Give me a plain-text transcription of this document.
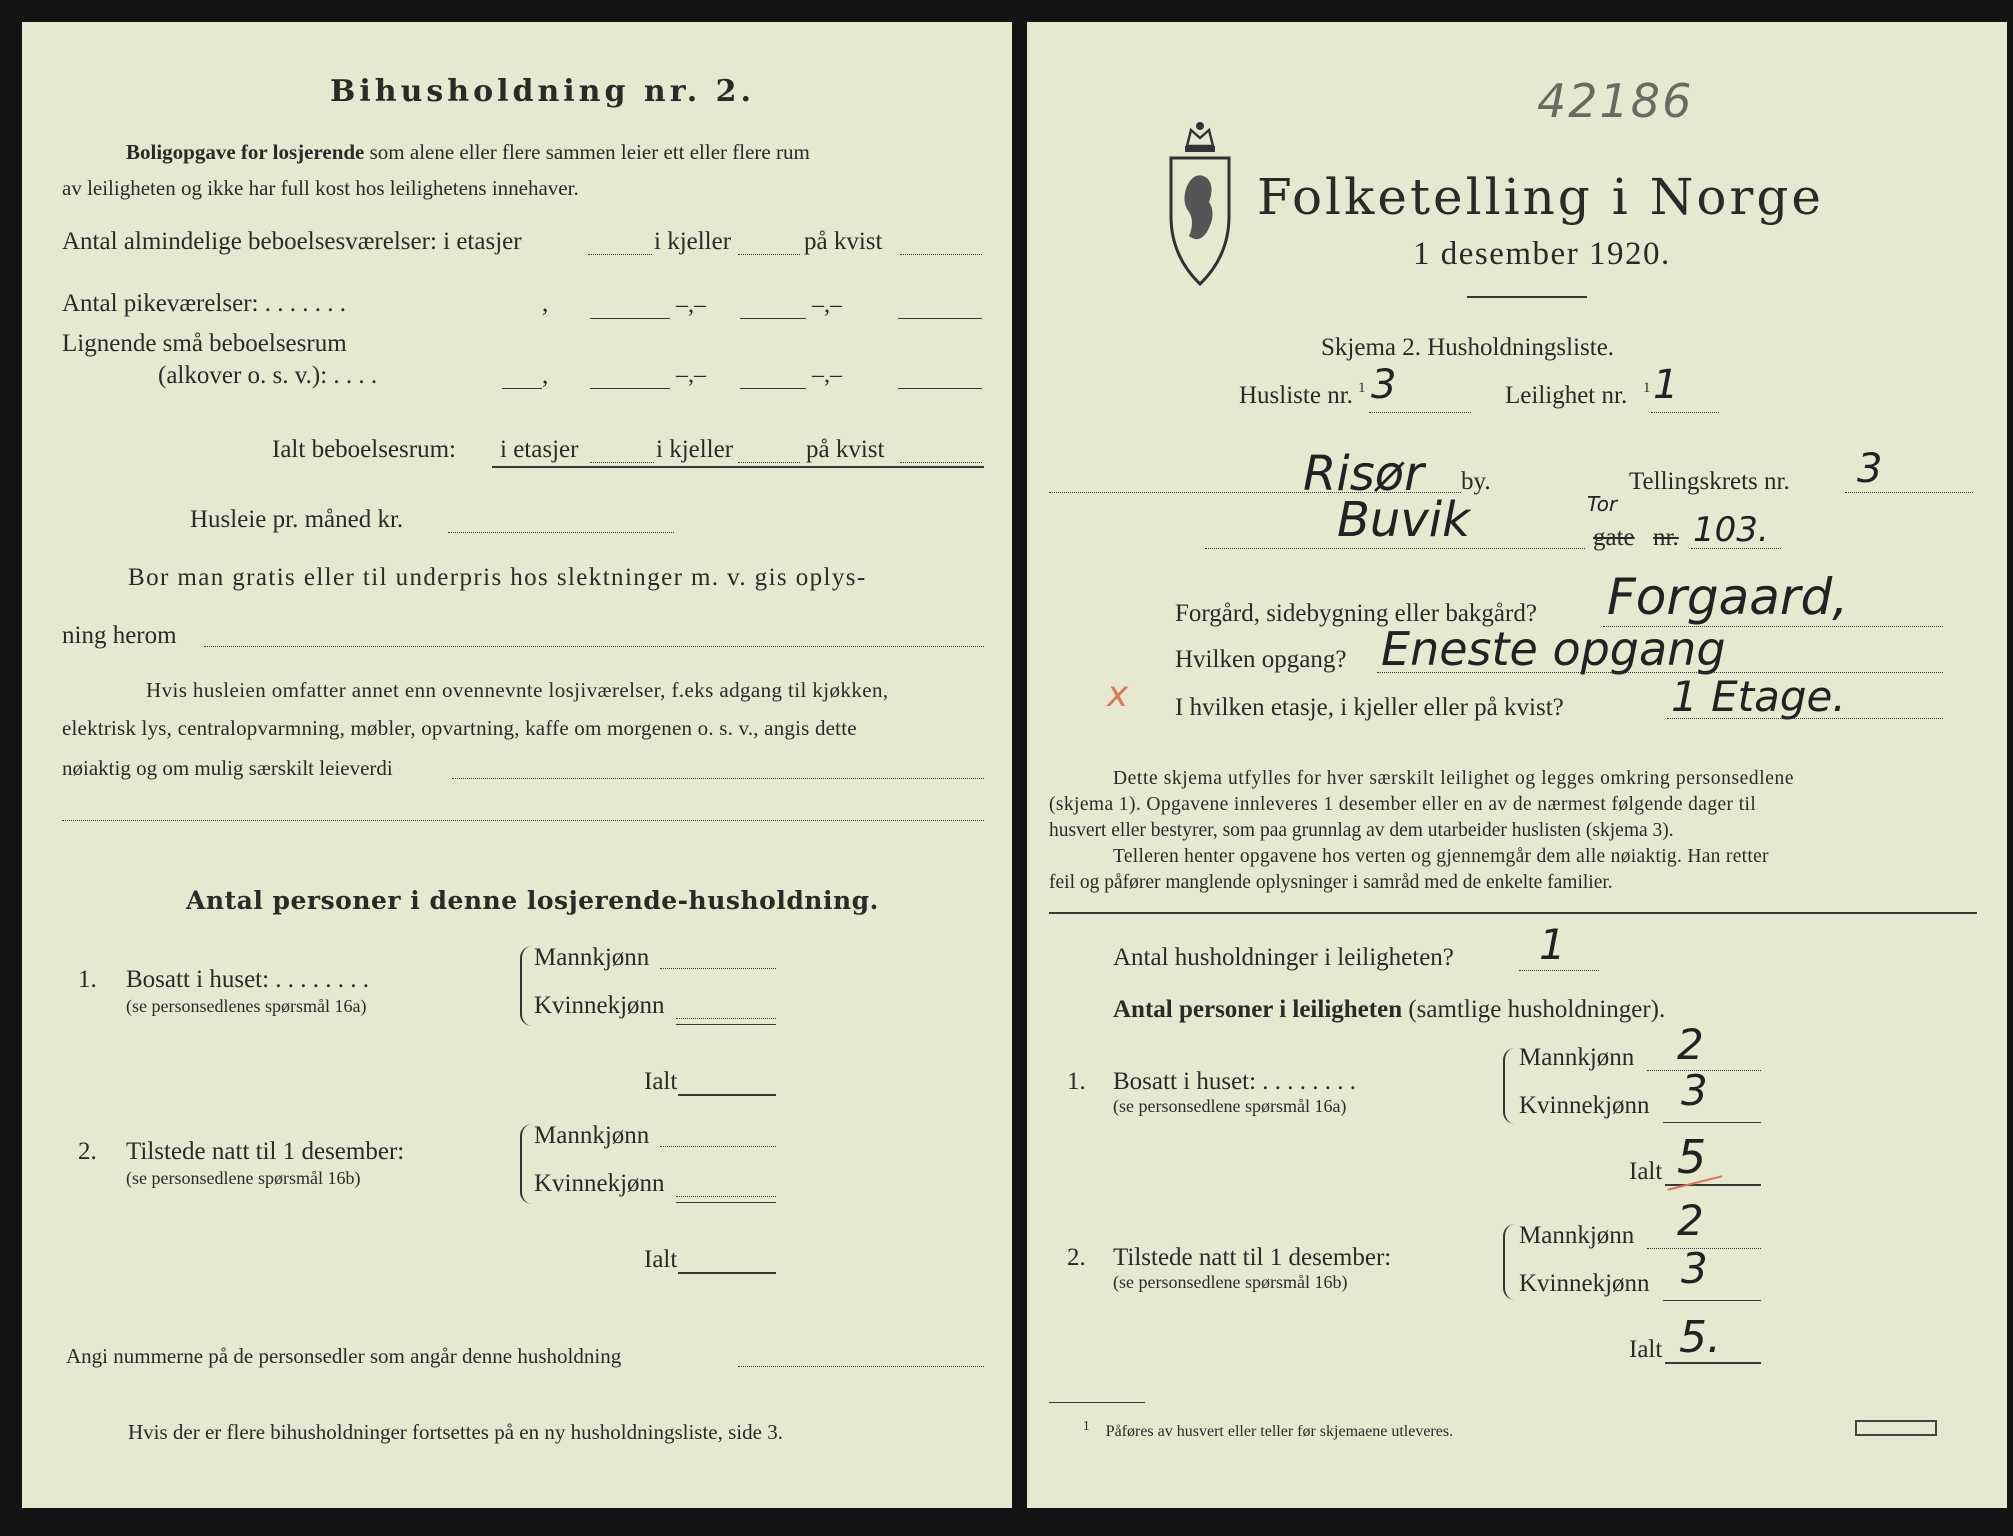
Bihusholdning nr. 2.
Boligopgave for losjerende som alene eller flere sammen leier ett eller flere rum
av leiligheten og ikke har full kost hos leilighetens innehaver.
Antal almindelige beboelsesværelser: i etasjer	i kjeller	på kvist
Antal pikeværelser: . . . . . . .	,	–,–	–,–
Lignende små beboelsesrum
(alkover o. s. v.): . . . .	,	–,–	–,–
Ialt beboelsesrum: i etasjer	i kjeller	på kvist
Husleie pr. måned kr.
Bor man gratis eller til underpris hos slektninger m. v. gis oplys-
ning herom
Hvis husleien omfatter annet enn ovennevnte losjiværelser, f.eks adgang til kjøkken,
elektrisk lys, centralopvarmning, møbler, opvartning, kaffe om morgenen o. s. v., angis dette
nøiaktig og om mulig særskilt leieverdi
Antal personer i denne losjerende-husholdning.
1. Bosatt i huset: . . . . . . . .
(se personsedlenes spørsmål 16a)
Mannkjønn
Kvinnekjønn
Ialt
2. Tilstede natt til 1 desember:
(se personsedlene spørsmål 16b)
Mannkjønn
Kvinnekjønn
Ialt
Angi nummerne på de personsedler som angår denne husholdning
Hvis der er flere bihusholdninger fortsettes på en ny husholdningsliste, side 3.
42186
Folketelling i Norge
1 desember 1920.
Skjema 2. Husholdningsliste.
Husliste nr. 1 3	Leilighet nr. 1 1
Risør by.	Tellingskrets nr. 3
Buvik	Tor
gate nr. 103.
Forgård, sidebygning eller bakgård? Forgaard,
Hvilken opgang? Eneste opgang
x I hvilken etasje, i kjeller eller på kvist?	1 Etage.
Dette skjema utfylles for hver særskilt leilighet og legges omkring personsedlene
(skjema 1). Opgavene innleveres 1 desember eller en av de nærmest følgende dager til
husvert eller bestyrer, som paa grunnlag av dem utarbeider huslisten (skjema 3).
Telleren henter opgavene hos verten og gjennemgår dem alle nøiaktig. Han retter
feil og påfører manglende oplysninger i samråd med de enkelte familier.
Antal husholdninger i leiligheten? 1
Antal personer i leiligheten (samtlige husholdninger).
1. Bosatt i huset: . . . . . . . .
(se personsedlene spørsmål 16a)
Mannkjønn 2
Kvinnekjønn 3
Ialt 5
2. Tilstede natt til 1 desember:
(se personsedlene spørsmål 16b)
Mannkjønn 2
Kvinnekjønn 3
Ialt 5.
$^1$ Påføres av husvert eller teller før skjemaene utleveres.
